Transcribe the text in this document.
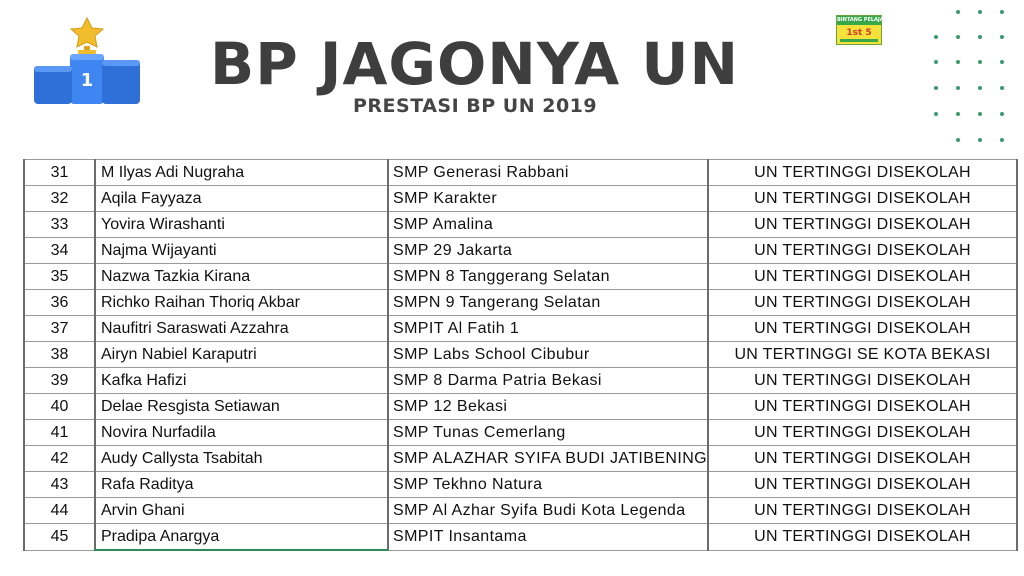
1 BP JAGONYA UN
PRESTASI BP UN 2019
BINTANG PELAJAR
1st 5
31	M Ilyas Adi Nugraha	SMP Generasi Rabbani	UN TERTINGGI DISEKOLAH
32	Aqila Fayyaza	SMP Karakter	UN TERTINGGI DISEKOLAH
33	Yovira Wirashanti	SMP Amalina	UN TERTINGGI DISEKOLAH
34	Najma Wijayanti	SMP 29 Jakarta	UN TERTINGGI DISEKOLAH
35	Nazwa Tazkia Kirana	SMPN 8 Tanggerang Selatan	UN TERTINGGI DISEKOLAH
36	Richko Raihan Thoriq Akbar	SMPN 9 Tangerang Selatan	UN TERTINGGI DISEKOLAH
37	Naufitri Saraswati Azzahra	SMPIT Al Fatih 1	UN TERTINGGI DISEKOLAH
38	Airyn Nabiel Karaputri	SMP Labs School Cibubur	UN TERTINGGI SE KOTA BEKASI
39	Kafka Hafizi	SMP 8 Darma Patria Bekasi	UN TERTINGGI DISEKOLAH
40	Delae Resgista Setiawan	SMP 12 Bekasi	UN TERTINGGI DISEKOLAH
41	Novira Nurfadila	SMP Tunas Cemerlang	UN TERTINGGI DISEKOLAH
42	Audy Callysta Tsabitah	SMP ALAZHAR SYIFA BUDI JATIBENING	UN TERTINGGI DISEKOLAH
43	Rafa Raditya	SMP Tekhno Natura	UN TERTINGGI DISEKOLAH
44	Arvin Ghani	SMP Al Azhar Syifa Budi Kota Legenda	UN TERTINGGI DISEKOLAH
45	Pradipa Anargya	SMPIT Insantama	UN TERTINGGI DISEKOLAH
